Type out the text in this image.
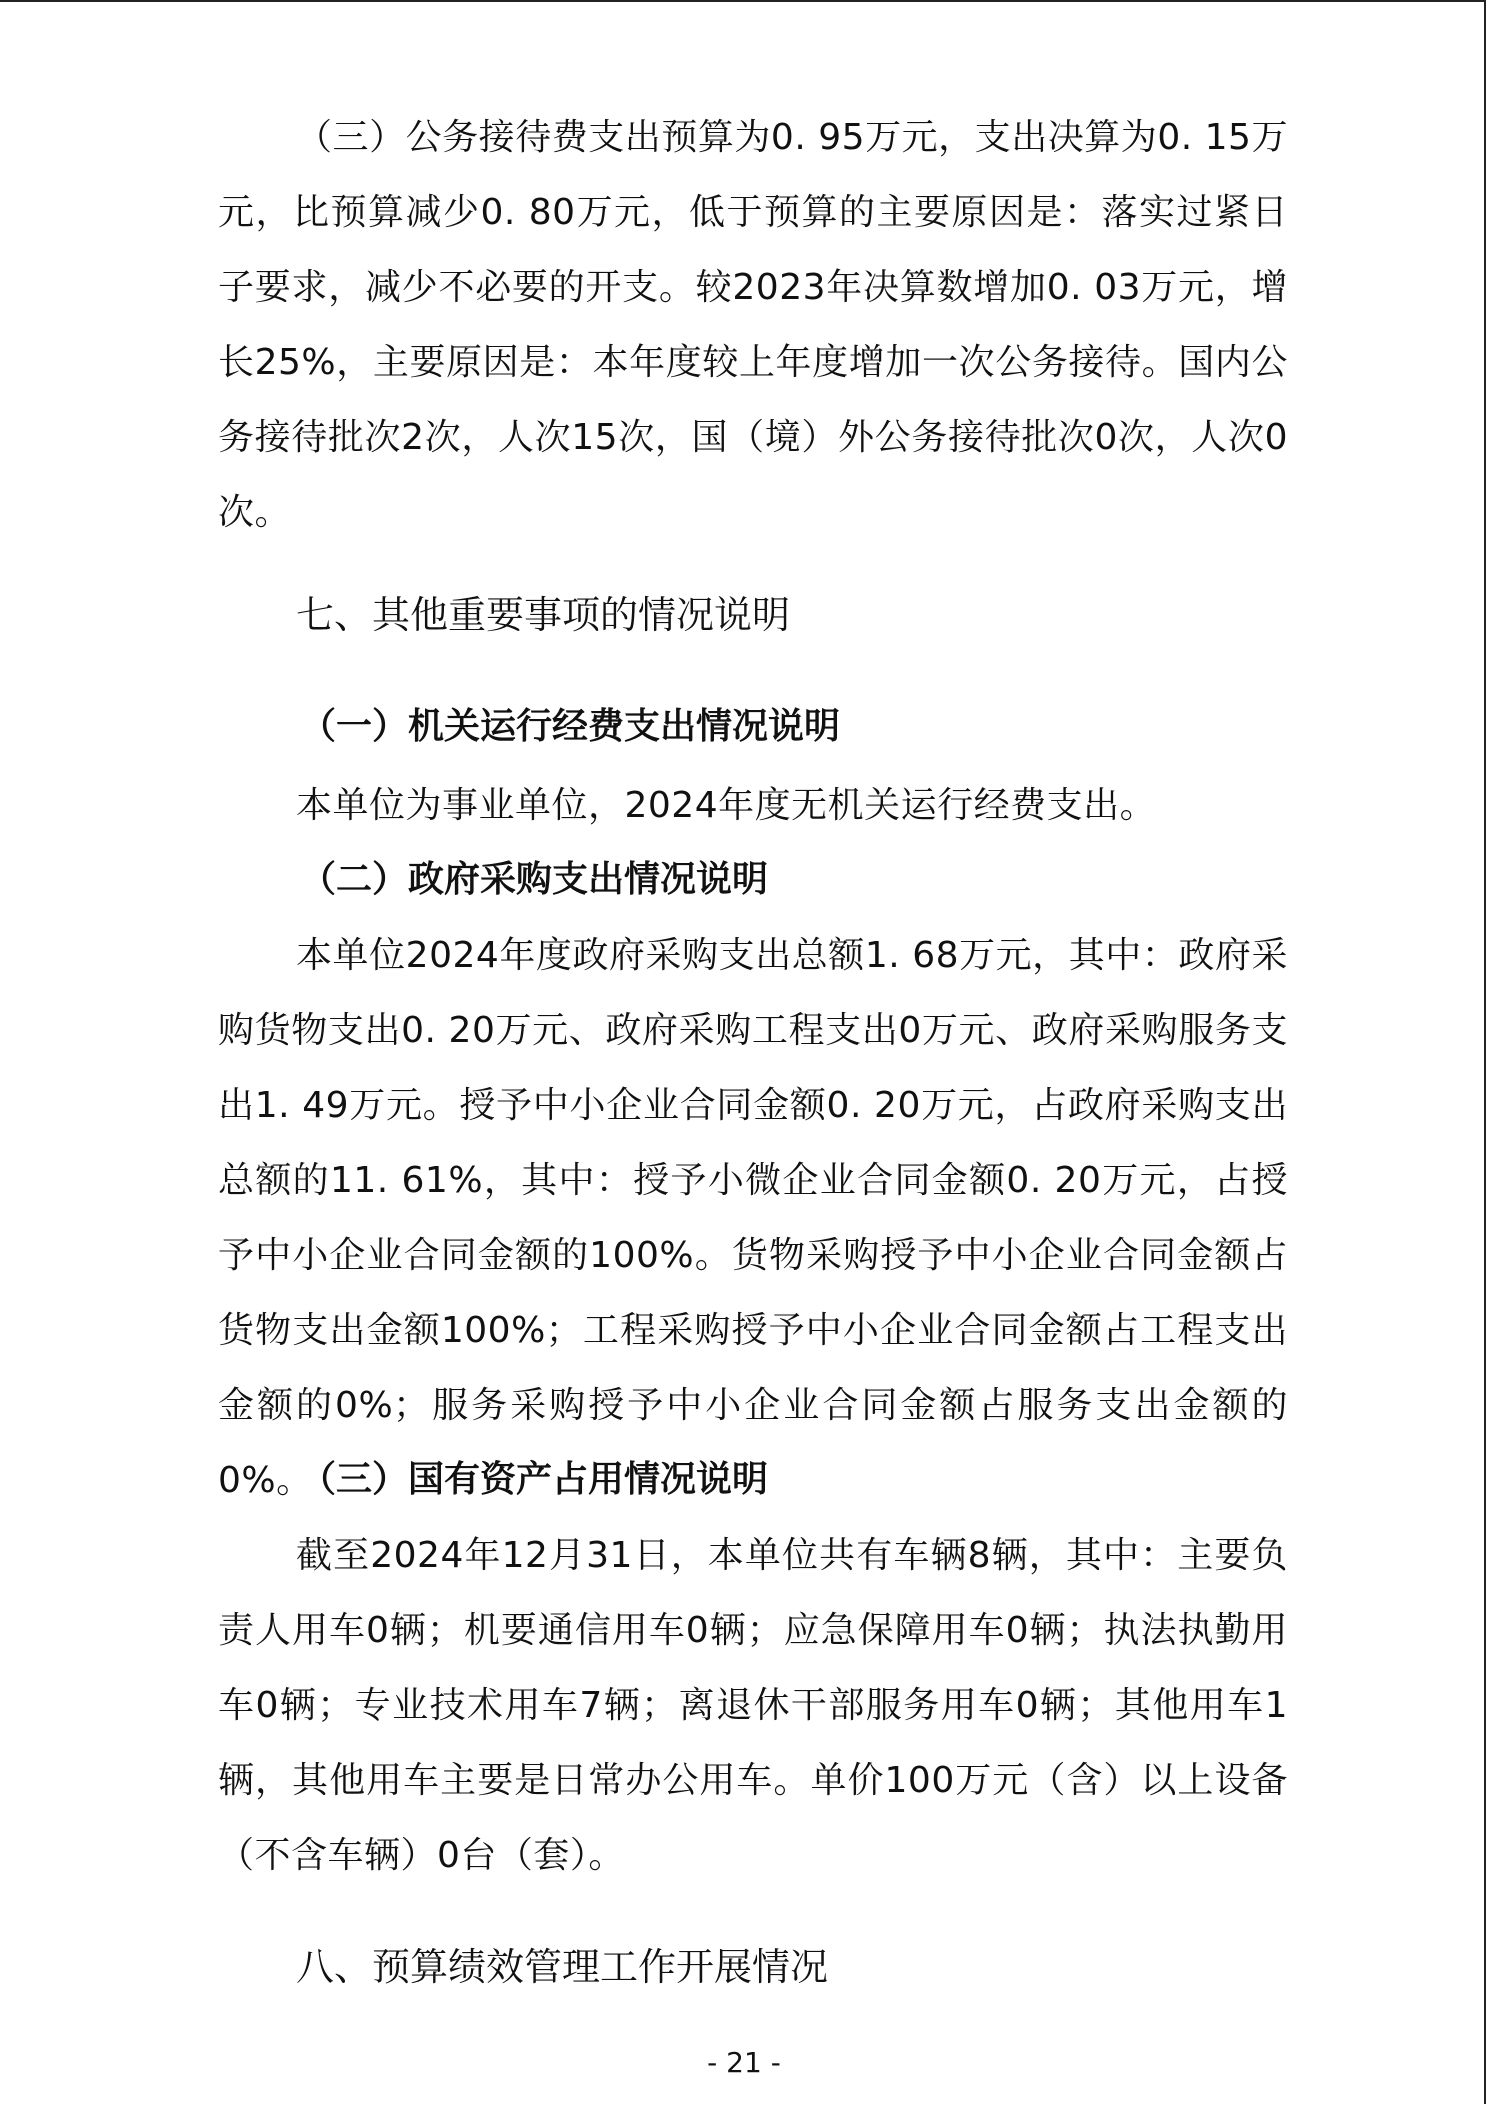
（三）公务接待费支出预算为0. 95万元，支出决算为0. 15万元，比预算减少0. 80万元，低于预算的主要原因是：落实过紧日子要求，减少不必要的开支。较2023年决算数增加0. 03万元，增长25%，主要原因是：本年度较上年度增加一次公务接待。国内公务接待批次2次，人次15次，国（境）外公务接待批次0次，人次0次。

七、其他重要事项的情况说明
（一）机关运行经费支出情况说明

本单位为事业单位，2024年度无机关运行经费支出。

（二）政府采购支出情况说明

本单位2024年度政府采购支出总额1. 68万元，其中：政府采购货物支出0. 20万元、政府采购工程支出0万元、政府采购服务支出1. 49万元。授予中小企业合同金额0. 20万元，占政府采购支出总额的11. 61%，其中：授予小微企业合同金额0. 20万元，占授予中小企业合同金额的100%。货物采购授予中小企业合同金额占货物支出金额100%；工程采购授予中小企业合同金额占工程支出金额的0%；服务采购授予中小企业合同金额占服务支出金额的0%。

（三）国有资产占用情况说明

截至2024年12月31日，本单位共有车辆8辆，其中：主要负责人用车0辆；机要通信用车0辆；应急保障用车0辆；执法执勤用车0辆；专业技术用车7辆；离退休干部服务用车0辆；其他用车1辆，其他用车主要是日常办公用车。单价100万元（含）以上设备（不含车辆）0台（套）。

八、预算绩效管理工作开展情况
- 21 -
